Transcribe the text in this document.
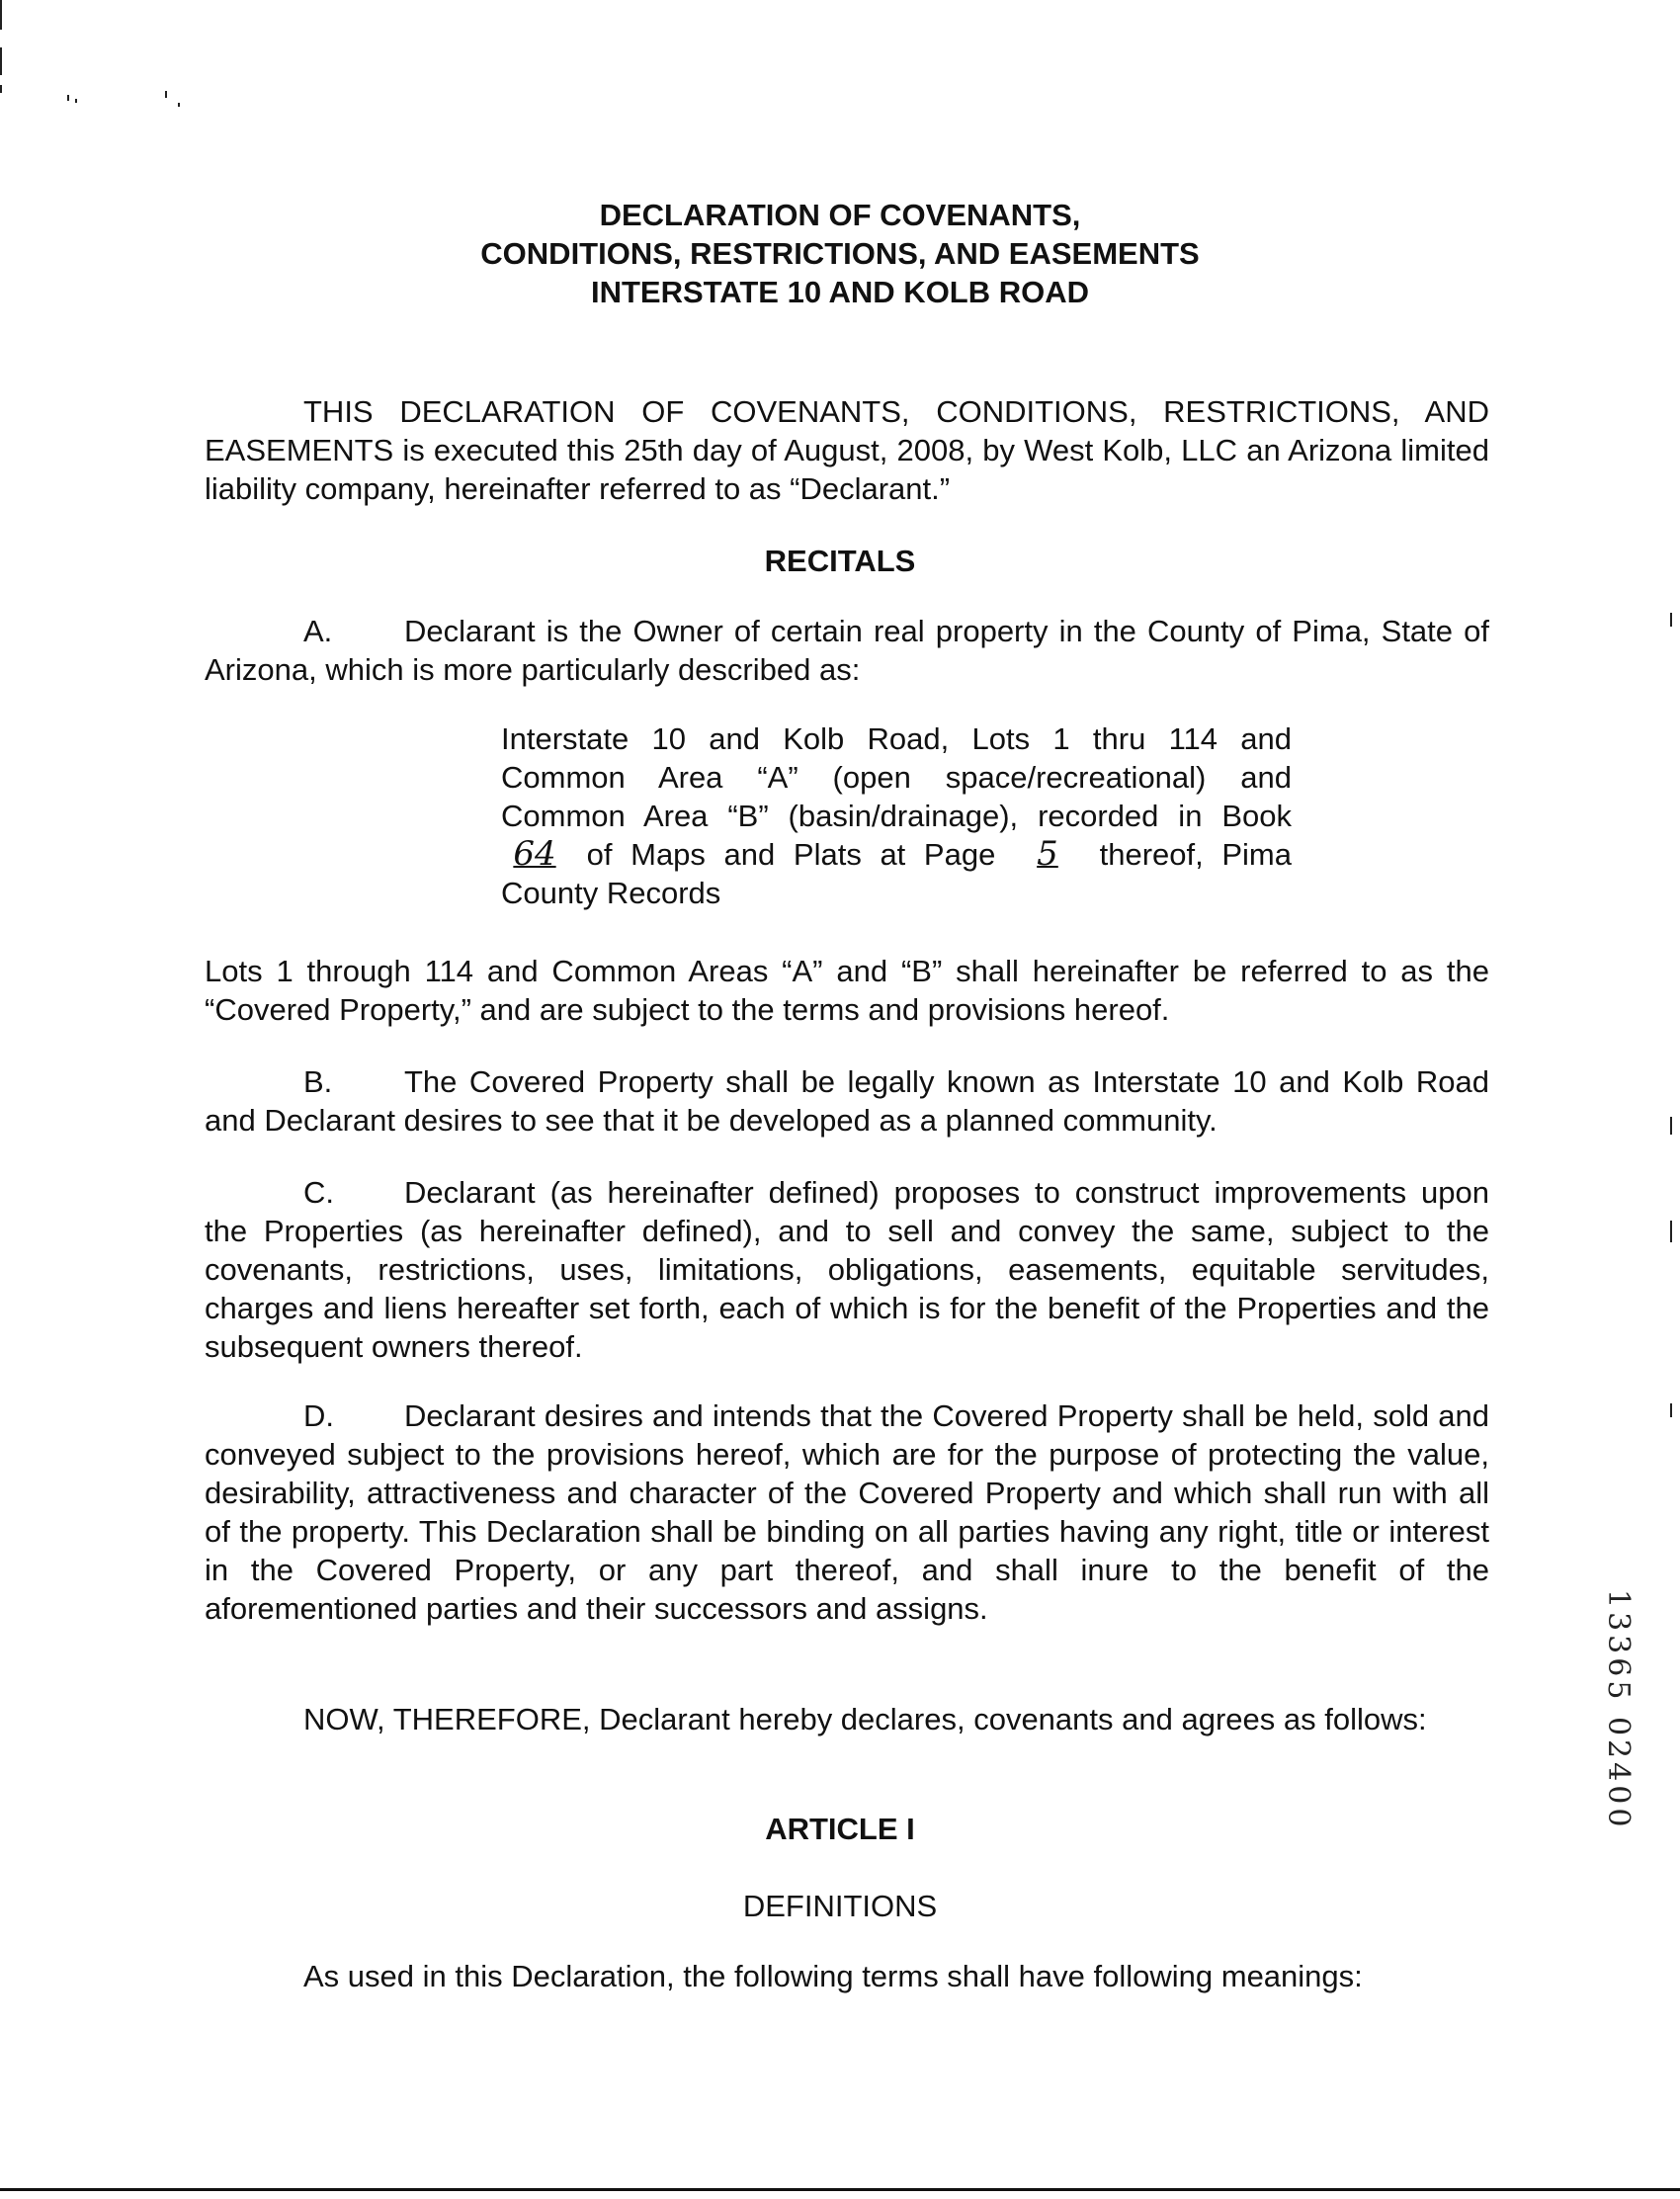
DECLARATION OF COVENANTS,
CONDITIONS, RESTRICTIONS, AND EASEMENTS
INTERSTATE 10 AND KOLB ROAD
THIS DECLARATION OF COVENANTS, CONDITIONS, RESTRICTIONS, AND EASEMENTS is executed this 25th day of August, 2008, by West Kolb, LLC an Arizona limited liability company, hereinafter referred to as “Declarant.”
RECITALS
A. Declarant is the Owner of certain real property in the County of Pima, State of Arizona, which is more particularly described as:
Interstate 10 and Kolb Road, Lots 1 thru 114 and Common Area “A” (open space/recreational) and Common Area “B” (basin/drainage), recorded in Book 64 of Maps and Plats at Page 5 thereof, Pima County Records
Lots 1 through 114 and Common Areas “A” and “B” shall hereinafter be referred to as the “Covered Property,” and are subject to the terms and provisions hereof.
B. The Covered Property shall be legally known as Interstate 10 and Kolb Road and Declarant desires to see that it be developed as a planned community.
C. Declarant (as hereinafter defined) proposes to construct improvements upon the Properties (as hereinafter defined), and to sell and convey the same, subject to the covenants, restrictions, uses, limitations, obligations, easements, equitable servitudes, charges and liens hereafter set forth, each of which is for the benefit of the Properties and the subsequent owners thereof.
D. Declarant desires and intends that the Covered Property shall be held, sold and conveyed subject to the provisions hereof, which are for the purpose of protecting the value, desirability, attractiveness and character of the Covered Property and which shall run with all of the property. This Declaration shall be binding on all parties having any right, title or interest in the Covered Property, or any part thereof, and shall inure to the benefit of the aforementioned parties and their successors and assigns.
NOW, THEREFORE, Declarant hereby declares, covenants and agrees as follows:
ARTICLE I
DEFINITIONS
As used in this Declaration, the following terms shall have following meanings:
13365 02400
